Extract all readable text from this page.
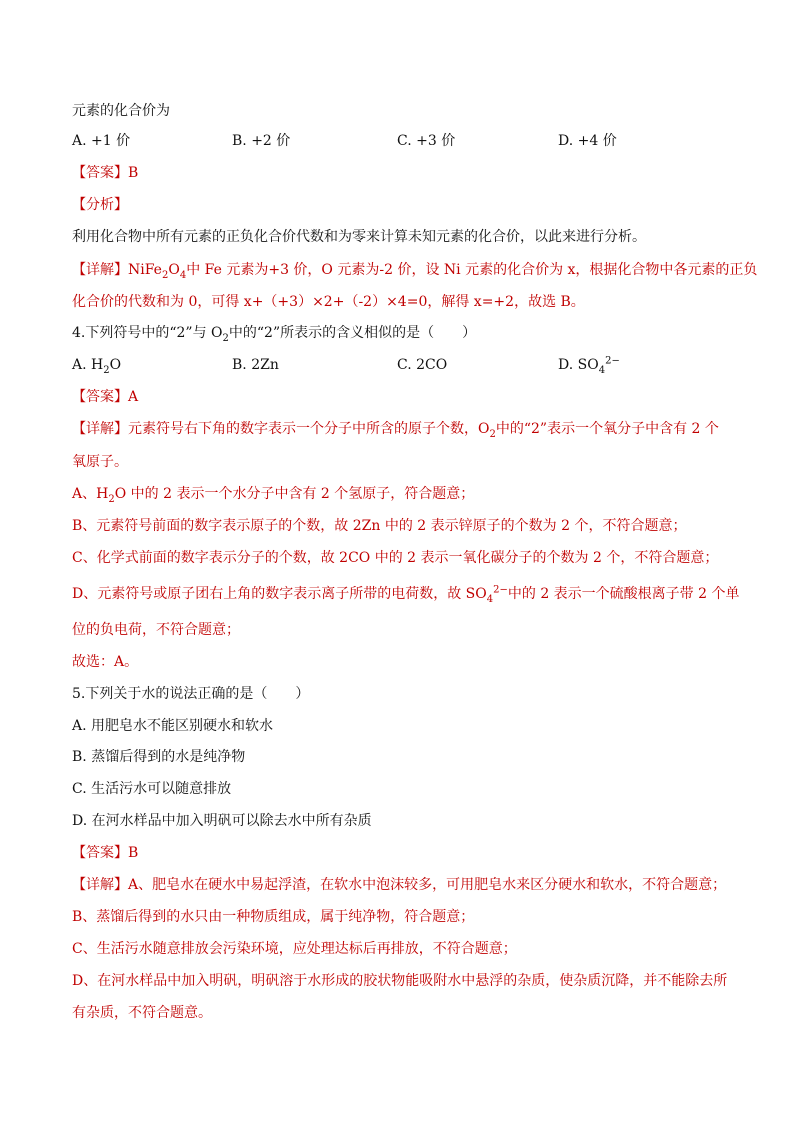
元素的化合价为
A. +1 价	B. +2 价	C. +3 价	D. +4 价
【答案】B
【分析】
利用化合物中所有元素的正负化合价代数和为零来计算未知元素的化合价，以此来进行分析。
【详解】$NiFe_2O_4$中 Fe 元素为+3 价，O 元素为-2 价，设 Ni 元素的化合价为 x，根据化合物中各元素的正负
化合价的代数和为 0，可得 x+（+3）×2+（-2）×4=0，解得 x=+2，故选 B。
4.下列符号中的“2”与 $O_2$中的“2”所表示的含义相似的是（　　）
A. $H_2O$	B. 2Zn	C. 2CO	D. $SO_4^{2-}$
【答案】A
【详解】元素符号右下角的数字表示一个分子中所含的原子个数，$O_2$中的“2”表示一个氧分子中含有 2 个
氧原子。
A、$H_2O$ 中的 2 表示一个水分子中含有 2 个氢原子，符合题意；
B、元素符号前面的数字表示原子的个数，故 2Zn 中的 2 表示锌原子的个数为 2 个，不符合题意；
C、化学式前面的数字表示分子的个数，故 2CO 中的 2 表示一氧化碳分子的个数为 2 个，不符合题意；
D、元素符号或原子团右上角的数字表示离子所带的电荷数，故 $SO_4^{2-}$中的 2 表示一个硫酸根离子带 2 个单
位的负电荷，不符合题意；
故选：A。
5.下列关于水的说法正确的是（　　）
A. 用肥皂水不能区别硬水和软水
B. 蒸馏后得到的水是纯净物
C. 生活污水可以随意排放
D. 在河水样品中加入明矾可以除去水中所有杂质
【答案】B
【详解】A、肥皂水在硬水中易起浮渣，在软水中泡沫较多，可用肥皂水来区分硬水和软水，不符合题意；
B、蒸馏后得到的水只由一种物质组成，属于纯净物，符合题意；
C、生活污水随意排放会污染环境，应处理达标后再排放，不符合题意；
D、在河水样品中加入明矾，明矾溶于水形成的胶状物能吸附水中悬浮的杂质，使杂质沉降，并不能除去所
有杂质，不符合题意。
